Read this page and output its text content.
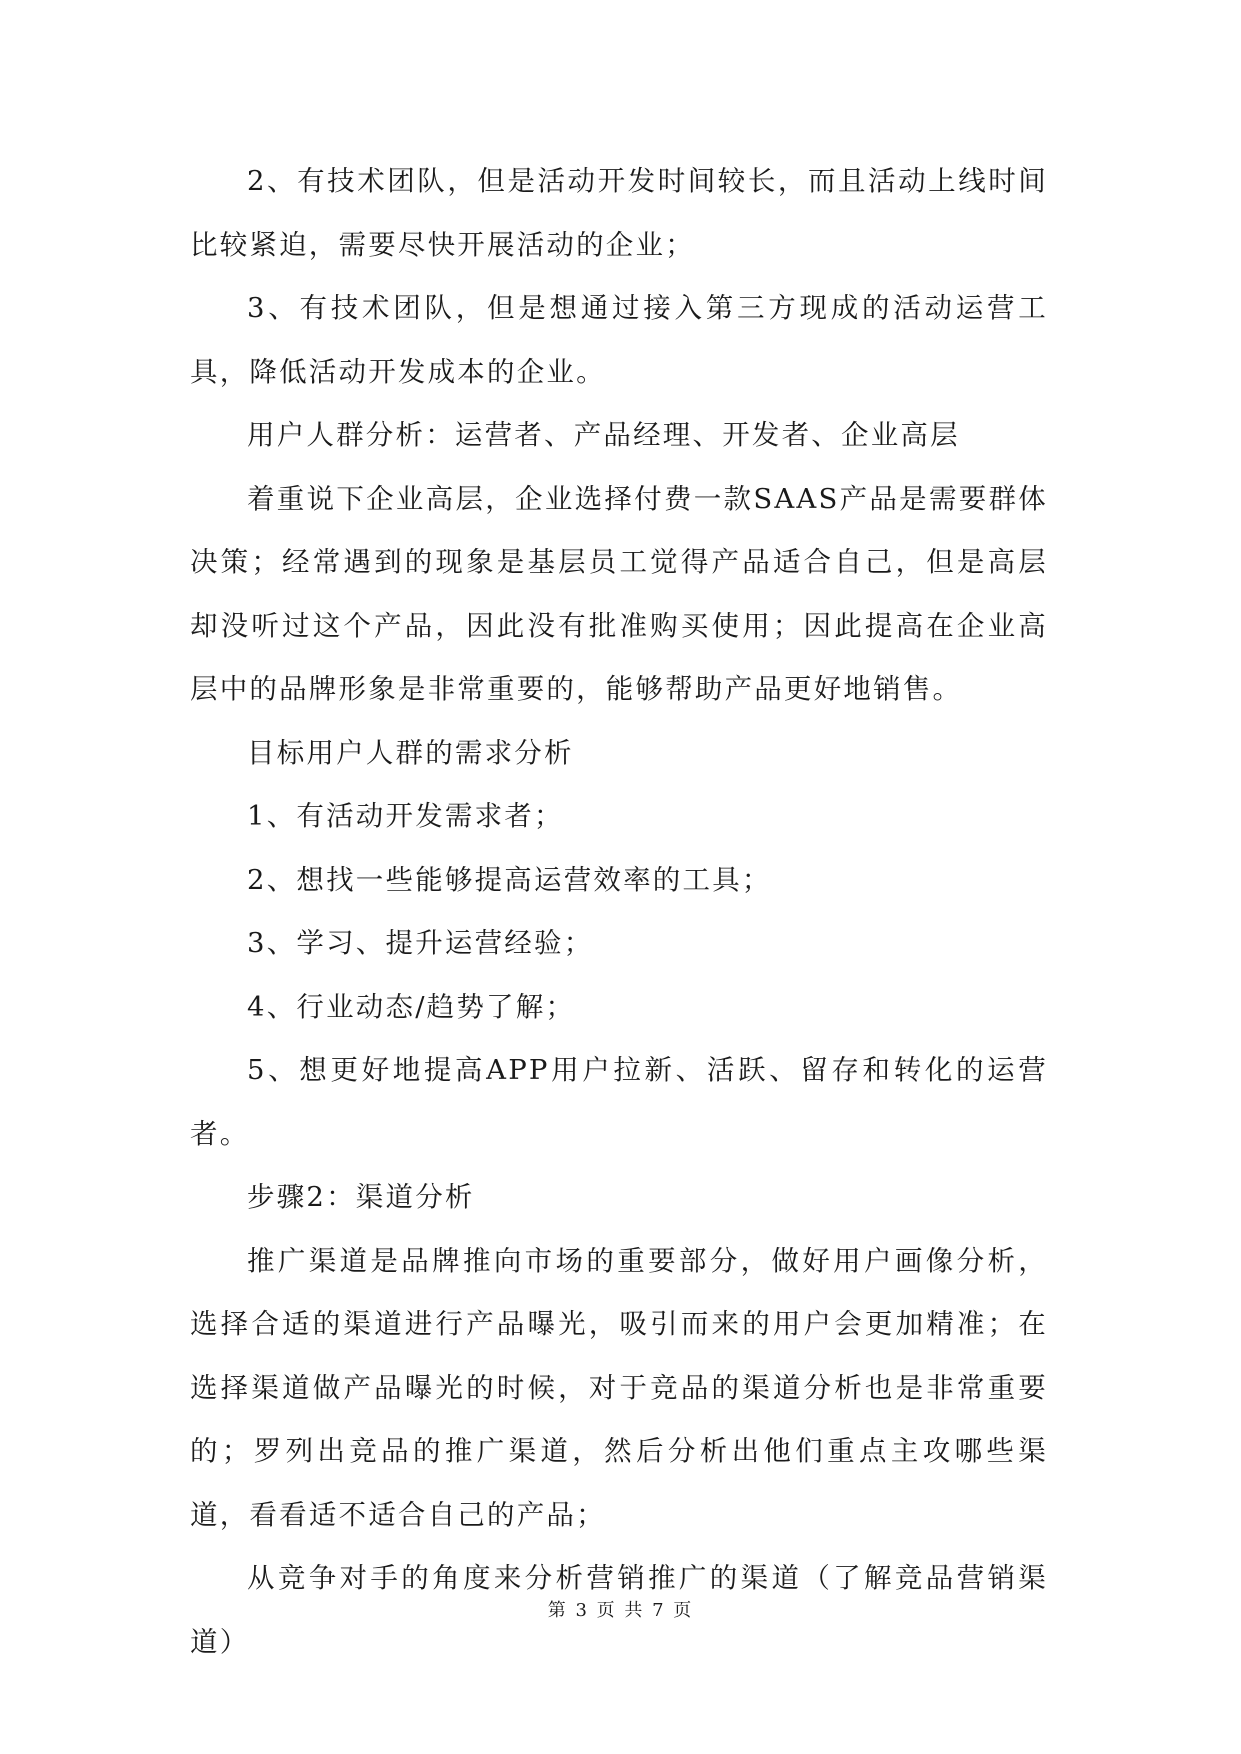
2、有技术团队，但是活动开发时间较长，而且活动上线时间比较紧迫，需要尽快开展活动的企业；

3、有技术团队，但是想通过接入第三方现成的活动运营工具，降低活动开发成本的企业。

用户人群分析：运营者、产品经理、开发者、企业高层

着重说下企业高层，企业选择付费一款SAAS产品是需要群体决策；经常遇到的现象是基层员工觉得产品适合自己，但是高层却没听过这个产品，因此没有批准购买使用；因此提高在企业高层中的品牌形象是非常重要的，能够帮助产品更好地销售。

目标用户人群的需求分析

1、有活动开发需求者；

2、想找一些能够提高运营效率的工具；

3、学习、提升运营经验；

4、行业动态/趋势了解；

5、想更好地提高APP用户拉新、活跃、留存和转化的运营者。

步骤2：渠道分析

推广渠道是品牌推向市场的重要部分，做好用户画像分析，选择合适的渠道进行产品曝光，吸引而来的用户会更加精准；在选择渠道做产品曝光的时候，对于竞品的渠道分析也是非常重要的；罗列出竞品的推广渠道，然后分析出他们重点主攻哪些渠道，看看适不适合自己的产品；

从竞争对手的角度来分析营销推广的渠道（了解竞品营销渠道）

第 3 页 共 7 页
